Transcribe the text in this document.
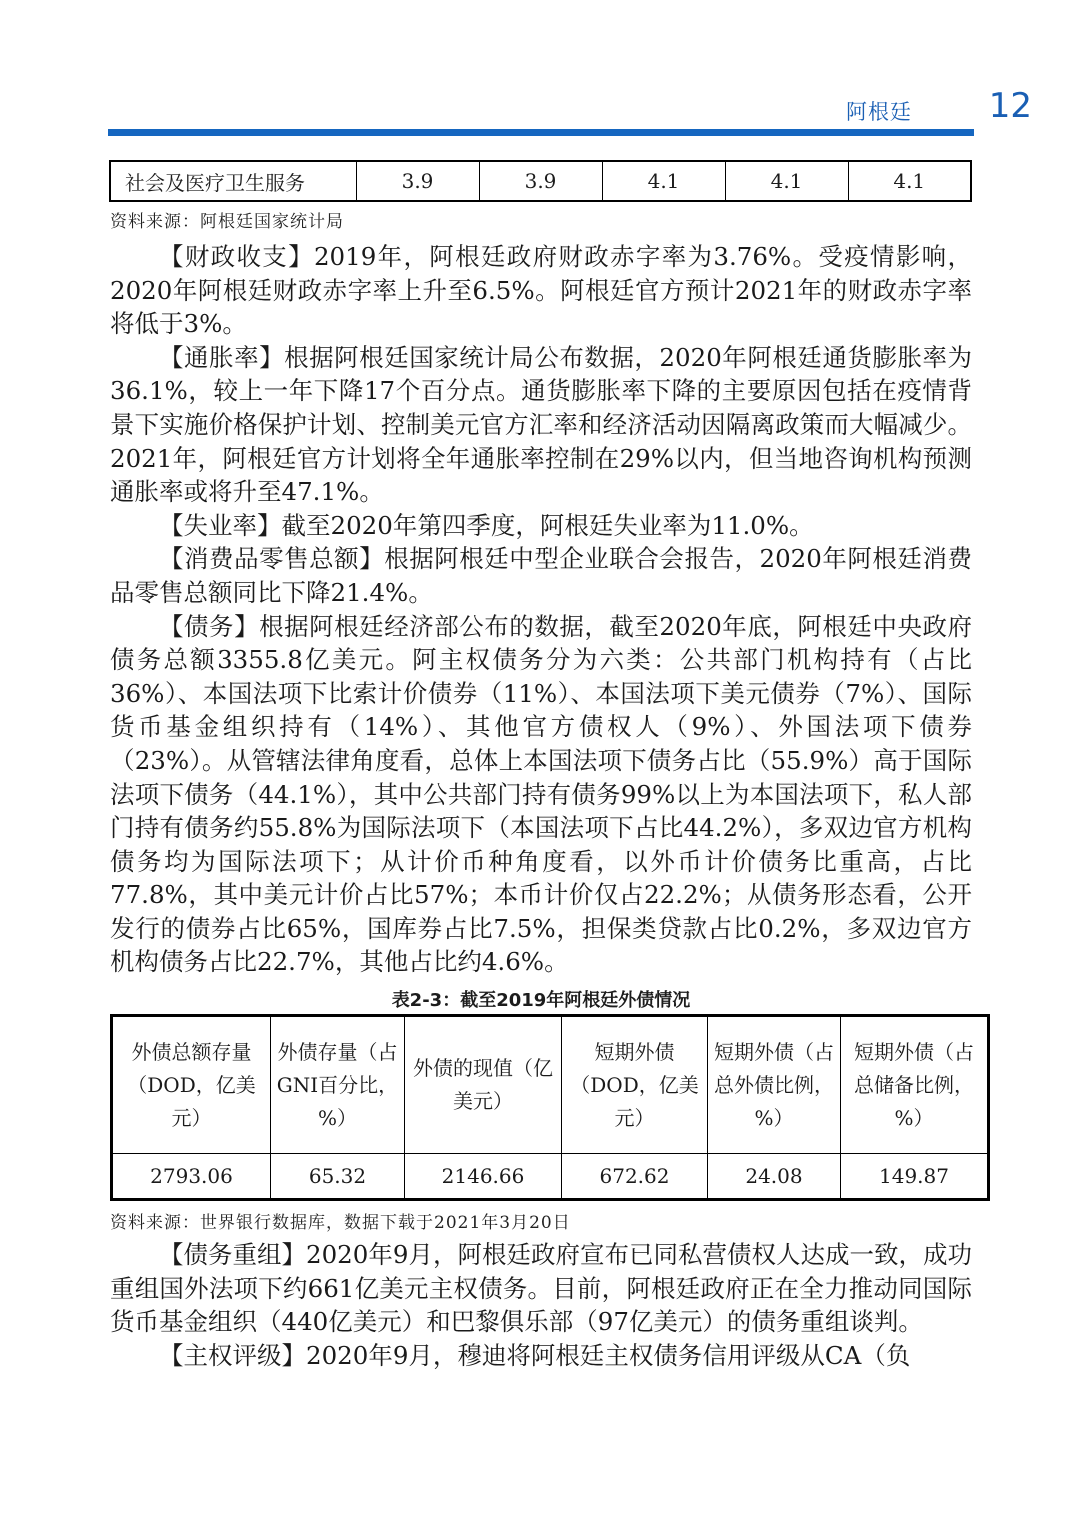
阿根廷 12
社会及医疗卫生服务	3.9	3.9	4.1	4.1	4.1
资料来源：阿根廷国家统计局

【财政收支】2019年，阿根廷政府财政赤字率为3.76%。受疫情影响，2020年阿根廷财政赤字率上升至6.5%。阿根廷官方预计2021年的财政赤字率将低于3%。

【通胀率】根据阿根廷国家统计局公布数据，2020年阿根廷通货膨胀率为36.1%，较上一年下降17个百分点。通货膨胀率下降的主要原因包括在疫情背景下实施价格保护计划、控制美元官方汇率和经济活动因隔离政策而大幅减少。2021年，阿根廷官方计划将全年通胀率控制在29%以内，但当地咨询机构预测通胀率或将升至47.1%。

【失业率】截至2020年第四季度，阿根廷失业率为11.0%。

【消费品零售总额】根据阿根廷中型企业联合会报告，2020年阿根廷消费品零售总额同比下降21.4%。

【债务】根据阿根廷经济部公布的数据，截至2020年底，阿根廷中央政府债务总额3355.8亿美元。阿主权债务分为六类：公共部门机构持有（占比36%）、本国法项下比索计价债券（11%）、本国法项下美元债券（7%）、国际货币基金组织持有（14%）、其他官方债权人（9%）、外国法项下债券（23%）。从管辖法律角度看，总体上本国法项下债务占比（55.9%）高于国际法项下债务（44.1%），其中公共部门持有债务99%以上为本国法项下，私人部门持有债务约55.8%为国际法项下（本国法项下占比44.2%），多双边官方机构债务均为国际法项下；从计价币种角度看，以外币计价债务比重高，占比77.8%，其中美元计价占比57%；本币计价仅占22.2%；从债务形态看，公开发行的债券占比65%，国库券占比7.5%，担保类贷款占比0.2%，多双边官方机构债务占比22.7%，其他占比约4.6%。

表2-3：截至2019年阿根廷外债情况
外债总额存量（DOD，亿美元）	外债存量（占GNI百分比，%）	外债的现值（亿美元）	短期外债（DOD，亿美元）	短期外债（占总外债比例，%）	短期外债（占总储备比例，%）
2793.06	65.32	2146.66	672.62	24.08	149.87
资料来源：世界银行数据库，数据下载于2021年3月20日

【债务重组】2020年9月，阿根廷政府宣布已同私营债权人达成一致，成功重组国外法项下约661亿美元主权债务。目前，阿根廷政府正在全力推动同国际货币基金组织（440亿美元）和巴黎俱乐部（97亿美元）的债务重组谈判。

【主权评级】2020年9月，穆迪将阿根廷主权债务信用评级从CA（负
